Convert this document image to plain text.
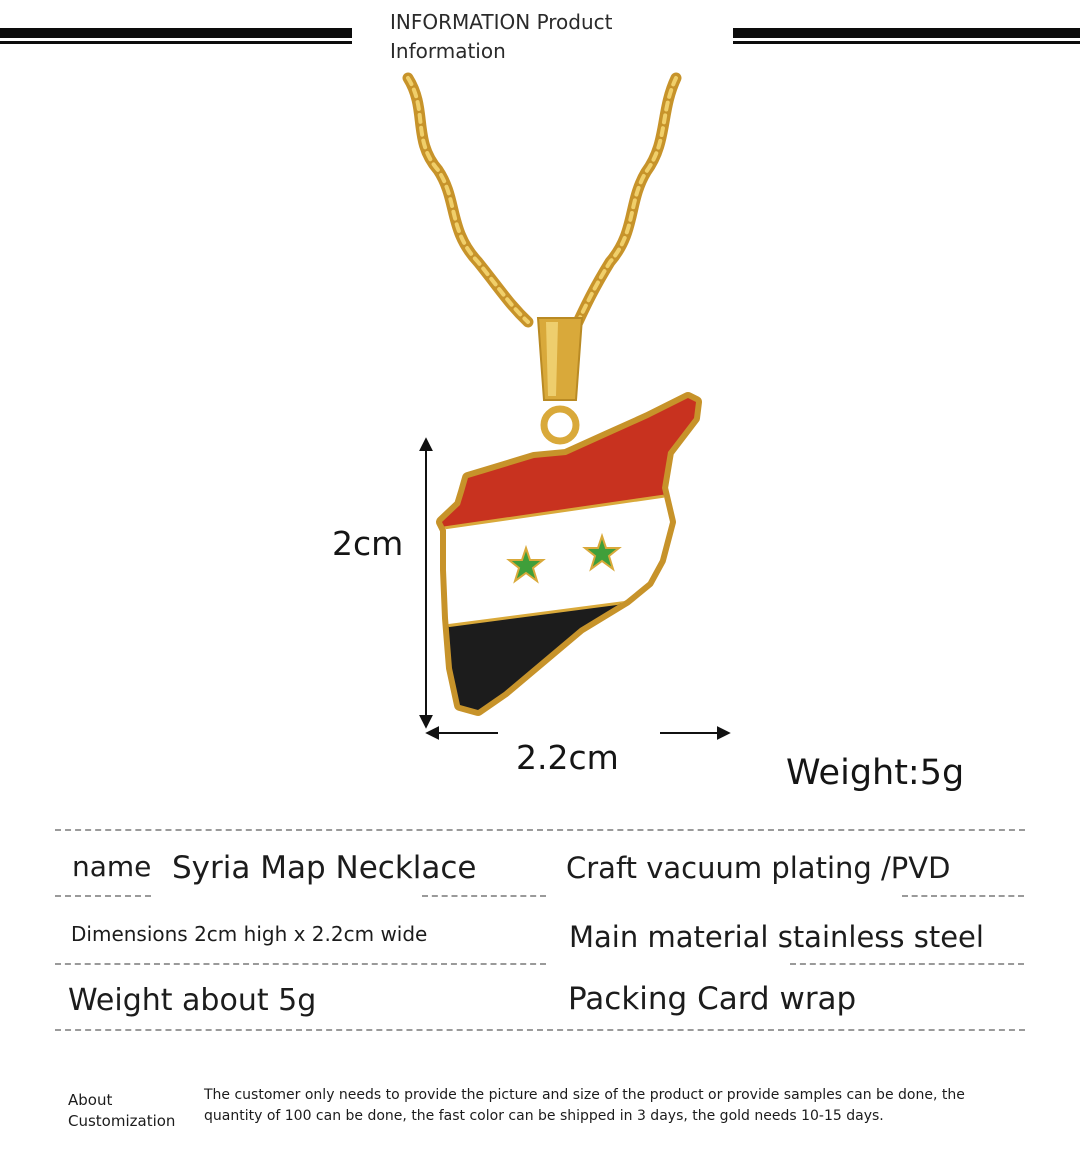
INFORMATION Product
Information
2cm
2.2cm	Weight:5g
name Syria Map Necklace	Craft vacuum plating /PVD
Dimensions 2cm high x 2.2cm wide	Main material stainless steel
Weight about 5g	Packing Card wrap
About
Customization
The customer only needs to provide the picture and size of the product or provide samples can be done, the
quantity of 100 can be done, the fast color can be shipped in 3 days, the gold needs 10-15 days.
